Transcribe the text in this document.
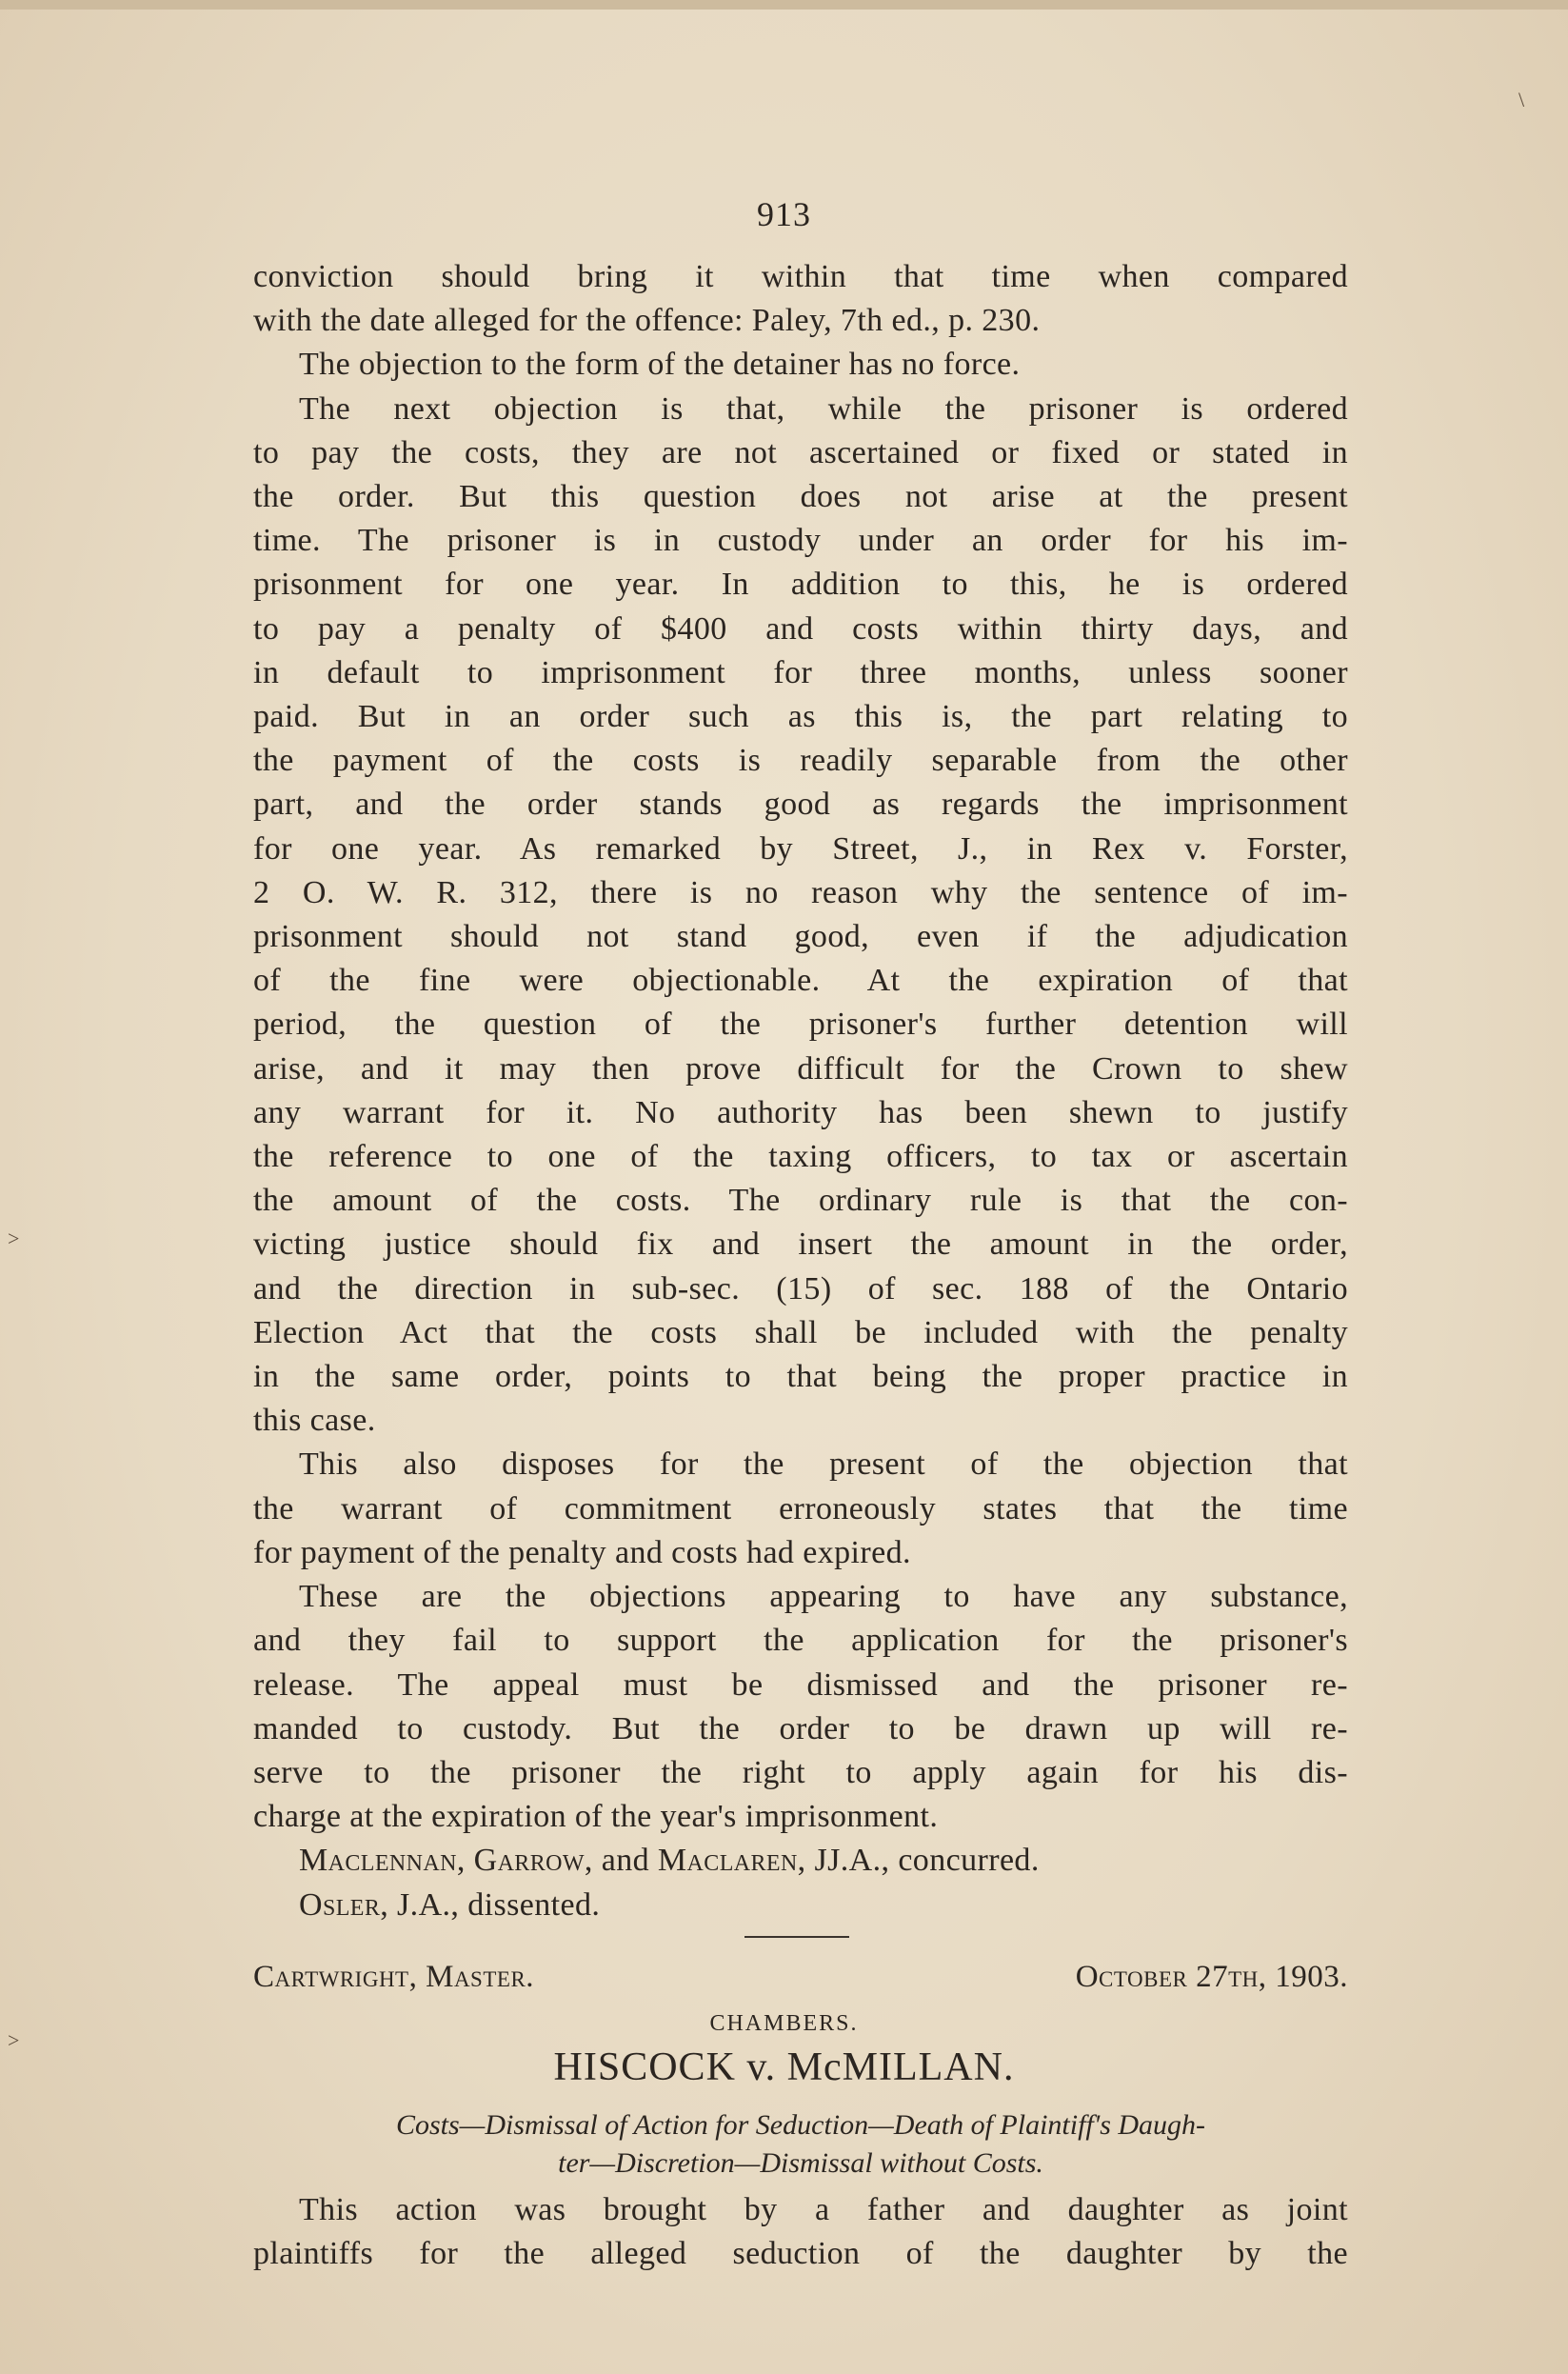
913

conviction should bring it within that time when compared
with the date alleged for the offence: Paley, 7th ed., p. 230.

The objection to the form of the detainer has no force.

The next objection is that, while the prisoner is ordered
to pay the costs, they are not ascertained or fixed or stated in
the order. But this question does not arise at the present
time. The prisoner is in custody under an order for his im-
prisonment for one year. In addition to this, he is ordered
to pay a penalty of $400 and costs within thirty days, and
in default to imprisonment for three months, unless sooner
paid. But in an order such as this is, the part relating to
the payment of the costs is readily separable from the other
part, and the order stands good as regards the imprisonment
for one year. As remarked by Street, J., in Rex v. Forster,
2 O. W. R. 312, there is no reason why the sentence of im-
prisonment should not stand good, even if the adjudication
of the fine were objectionable. At the expiration of that
period, the question of the prisoner's further detention will
arise, and it may then prove difficult for the Crown to shew
any warrant for it. No authority has been shewn to justify
the reference to one of the taxing officers, to tax or ascertain
the amount of the costs. The ordinary rule is that the con-
victing justice should fix and insert the amount in the order,
and the direction in sub-sec. (15) of sec. 188 of the Ontario
Election Act that the costs shall be included with the penalty
in the same order, points to that being the proper practice in
this case.

This also disposes for the present of the objection that
the warrant of commitment erroneously states that the time
for payment of the penalty and costs had expired.

These are the objections appearing to have any substance,
and they fail to support the application for the prisoner's
release. The appeal must be dismissed and the prisoner re-
manded to custody. But the order to be drawn up will re-
serve to the prisoner the right to apply again for his dis-
charge at the expiration of the year's imprisonment.

Maclennan, Garrow, and Maclaren, JJ.A., concurred.
Osler, J.A., dissented.
Cartwright, Master.	October 27th, 1903.
CHAMBERS.
HISCOCK v. McMILLAN.
Costs—Dismissal of Action for Seduction—Death of Plaintiff's Daugh-
ter—Discretion—Dismissal without Costs.
This action was brought by a father and daughter as joint
plaintiffs for the alleged seduction of the daughter by the
\
>
>
